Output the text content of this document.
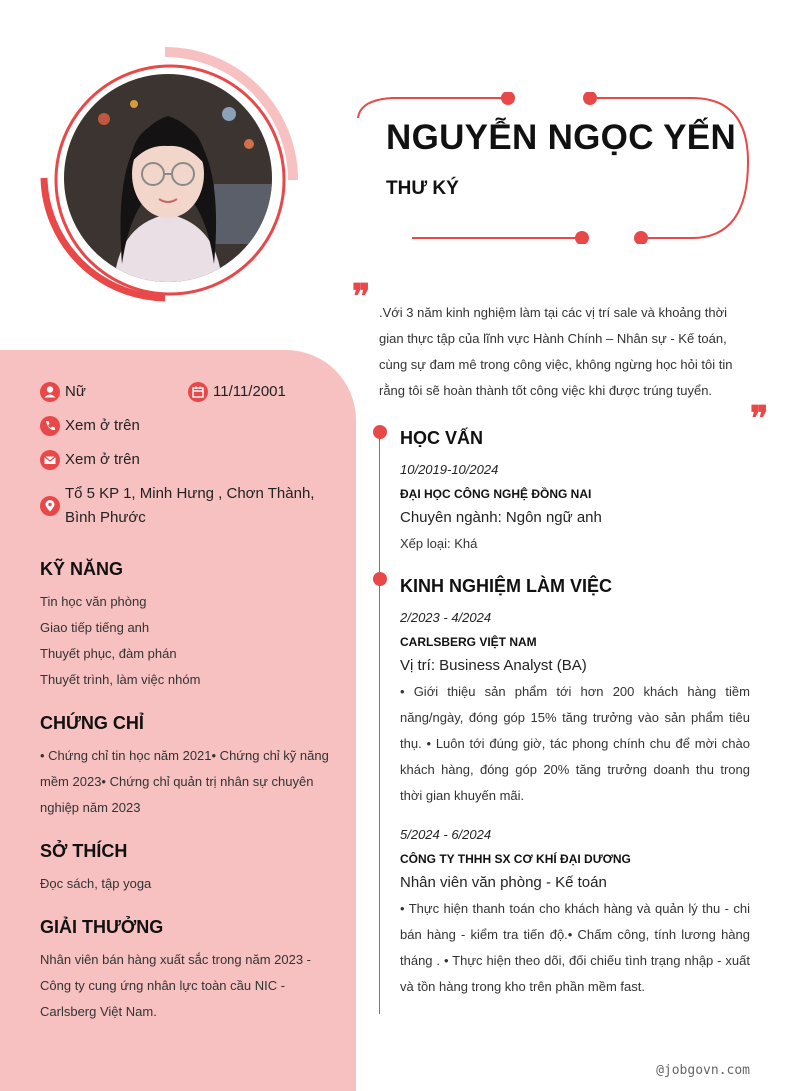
NGUYỄN NGỌC YẾN
THƯ KÝ
❞ .Với 3 năm kinh nghiệm làm tại các vị trí sale và khoảng thời gian thực tập của lĩnh vực Hành Chính – Nhân sự - Kế toán, cùng sự đam mê trong công việc, không ngừng học hỏi tôi tin rằng tôi sẽ hoàn thành tốt công việc khi được trúng tuyển.
❞
Nữ	11/11/2001
Xem ở trên
Xem ở trên
Tổ 5 KP 1, Minh Hưng , Chơn Thành, Bình Phước
KỸ NĂNG
Tin học văn phòng
Giao tiếp tiếng anh
Thuyết phục, đàm phán
Thuyết trình, làm việc nhóm
CHỨNG CHỈ
• Chứng chỉ tin học năm 2021• Chứng chỉ kỹ năng mềm 2023• Chứng chỉ quản trị nhân sự chuyên nghiệp năm 2023
SỞ THÍCH
Đọc sách, tập yoga
GIẢI THƯỞNG
Nhân viên bán hàng xuất sắc trong năm 2023 - Công ty cung ứng nhân lực toàn cầu NIC - Carlsberg Việt Nam.
HỌC VẤN
10/2019-10/2024
ĐẠI HỌC CÔNG NGHỆ ĐỒNG NAI
Chuyên ngành: Ngôn ngữ anh
Xếp loại: Khá
KINH NGHIỆM LÀM VIỆC
2/2023 - 4/2024
CARLSBERG VIỆT NAM
Vị trí: Business Analyst (BA)
• Giới thiệu sản phẩm tới hơn 200 khách hàng tiềm năng/ngày, đóng góp 15% tăng trưởng vào sản phẩm tiêu thụ. • Luôn tới đúng giờ, tác phong chính chu để mời chào khách hàng, đóng góp 20% tăng trưởng doanh thu trong thời gian khuyến mãi.
5/2024 - 6/2024
CÔNG TY THHH SX CƠ KHÍ ĐẠI DƯƠNG
Nhân viên văn phòng - Kế toán
• Thực hiện thanh toán cho khách hàng và quản lý thu - chi bán hàng - kiểm tra tiến độ.• Chấm công, tính lương hàng tháng . • Thực hiện theo dõi, đối chiếu tình trạng nhập - xuất và tồn hàng trong kho trên phần mềm fast.
@jobgovn.com
